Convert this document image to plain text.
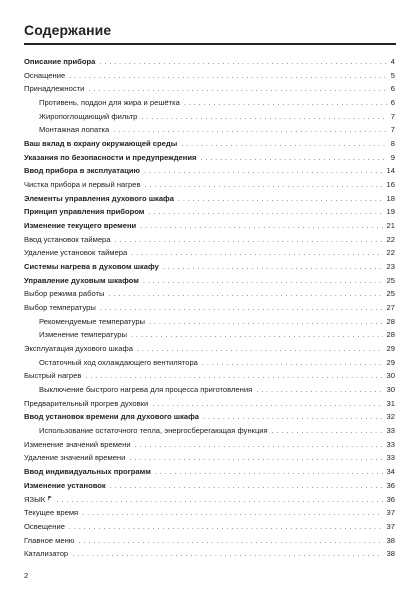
Содержание
Описание прибора . . .	4
Оснащение . . .	5
Принадлежности . . .	6
Противень, поддон для жира и решётка . . .	6
Жиропоглощающий фильтр . . .	7
Монтажная лопатка . . .	7
Ваш вклад в охрану окружающей среды . . .	8
Указания по безопасности и предупреждения . . .	9
Ввод прибора в эксплуатацию . . .	14
Чистка прибора и первый нагрев . . .	16
Элементы управления духового шкафа . . .	18
Принцип управления прибором . . .	19
Изменение текущего времени . . .	21
Ввод установок таймера . . .	22
Удаление установок таймера . . .	22
Системы нагрева в духовом шкафу . . .	23
Управление духовым шкафом . . .	25
Выбор режима работы . . .	25
Выбор температуры . . .	27
Рекомендуемые температуры . . .	28
Изменение температуры . . .	28
Эксплуатация духового шкафа . . .	29
Остаточный ход охлаждающего вентилятора . . .	29
Быстрый нагрев . . .	30
Выключение быстрого нагрева для процесса приготовления . . .	30
Предварительный прогрев духовки . . .	31
Ввод установок времени для духового шкафа . . .	32
Использование остаточного тепла, энергосберегающая функция . . .	33
Изменение значений времени . . .	33
Удаление значений времени . . .	33
Ввод индивидуальных программ . . .	34
Изменение установок . . .	36
ЯЗЫК . . .	36
Текущее время . . .	37
Освещение . . .	37
Главное меню . . .	38
Катализатор . . .	38
2
